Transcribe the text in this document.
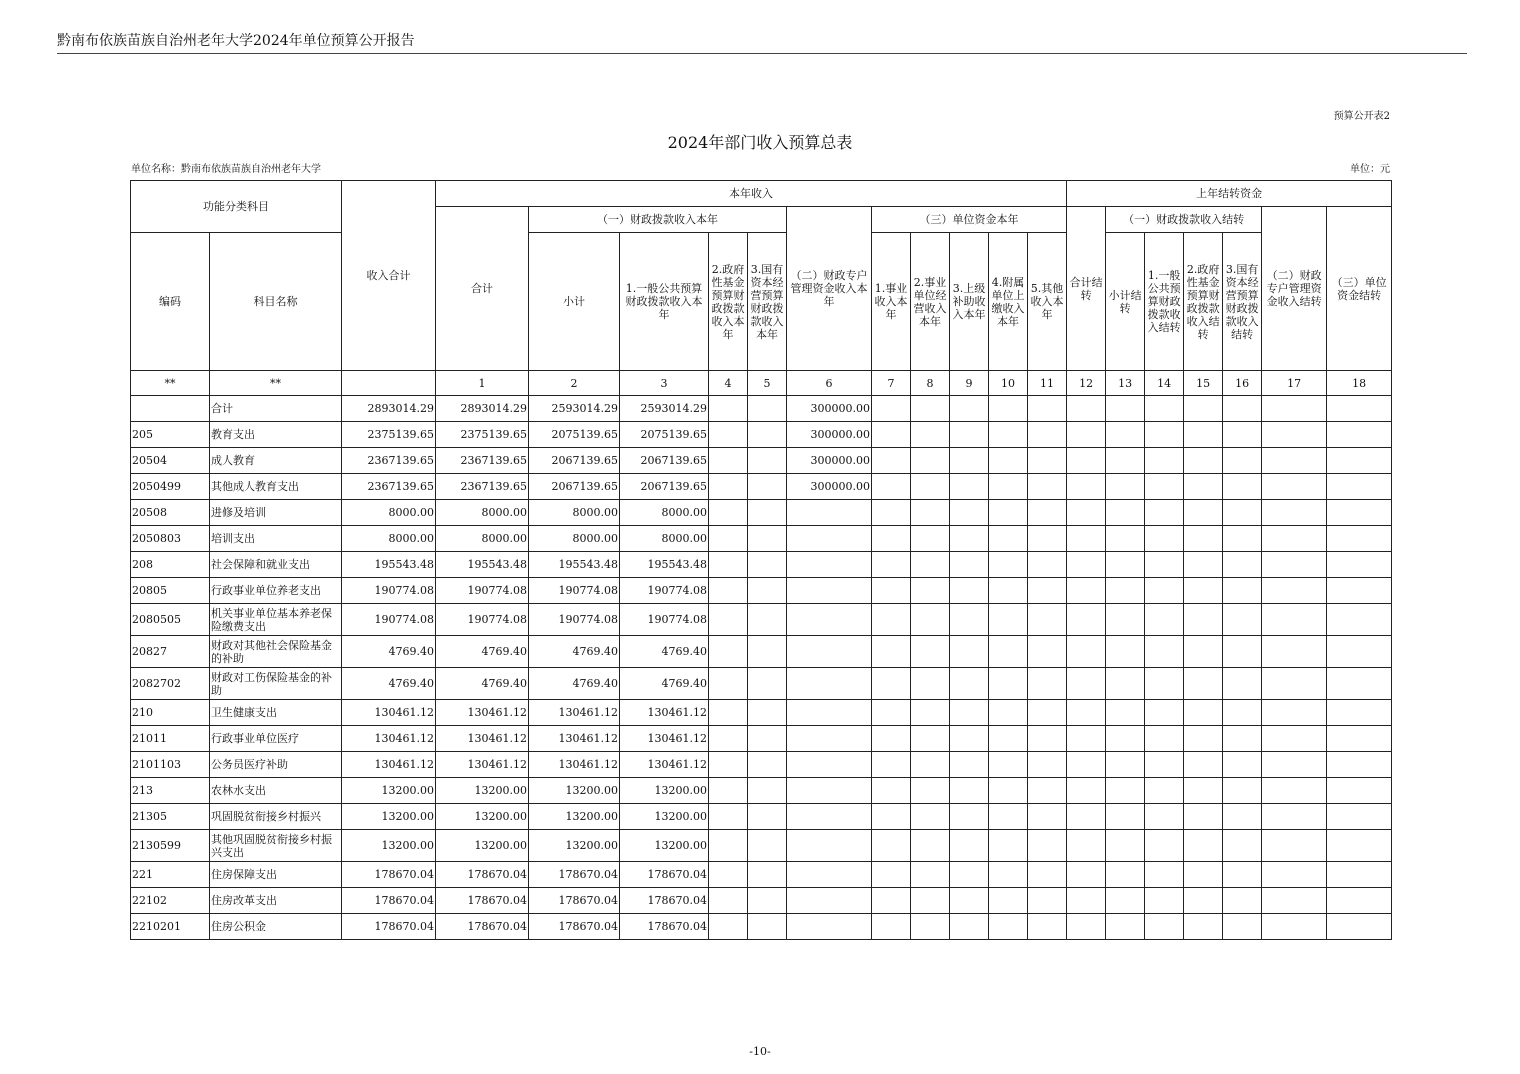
黔南布依族苗族自治州老年大学2024年单位预算公开报告
预算公开表2
2024年部门收入预算总表
单位名称：黔南布依族苗族自治州老年大学	单位：元
功能分类科目		收入合计	本年收入											上年结转资金						
			合计	（一）财政拨款收入本年				（二）财政专户管理资金收入本年	（三）单位资金本年					合计结转	（一）财政拨款收入结转				（二）财政专户管理资金收入结转	（三）单位资金结转
编码	科目名称			小计	1.一般公共预算财政拨款收入本年	2.政府性基金预算财政拨款收入本年	3.国有资本经营预算财政拨款收入本年		1.事业收入本年	2.事业单位经营收入本年	3.上级补助收入本年	4.附属单位上缴收入本年	5.其他收入本年		小计结转	1.一般公共预算财政拨款收入结转	2.政府性基金预算财政拨款收入结转	3.国有资本经营预算财政拨款收入结转		
**	**		1	2	3	4	5	6	7	8	9	10	11	12	13	14	15	16	17	18
	合计	2893014.29	2893014.29	2593014.29	2593014.29			300000.00												
205	教育支出	2375139.65	2375139.65	2075139.65	2075139.65			300000.00												
20504	成人教育	2367139.65	2367139.65	2067139.65	2067139.65			300000.00												
2050499	其他成人教育支出	2367139.65	2367139.65	2067139.65	2067139.65			300000.00												
20508	进修及培训	8000.00	8000.00	8000.00	8000.00															
2050803	培训支出	8000.00	8000.00	8000.00	8000.00															
208	社会保障和就业支出	195543.48	195543.48	195543.48	195543.48															
20805	行政事业单位养老支出	190774.08	190774.08	190774.08	190774.08															
2080505	机关事业单位基本养老保险缴费支出	190774.08	190774.08	190774.08	190774.08															
20827	财政对其他社会保险基金的补助	4769.40	4769.40	4769.40	4769.40															
2082702	财政对工伤保险基金的补助	4769.40	4769.40	4769.40	4769.40															
210	卫生健康支出	130461.12	130461.12	130461.12	130461.12															
21011	行政事业单位医疗	130461.12	130461.12	130461.12	130461.12															
2101103	公务员医疗补助	130461.12	130461.12	130461.12	130461.12															
213	农林水支出	13200.00	13200.00	13200.00	13200.00															
21305	巩固脱贫衔接乡村振兴	13200.00	13200.00	13200.00	13200.00															
2130599	其他巩固脱贫衔接乡村振兴支出	13200.00	13200.00	13200.00	13200.00															
221	住房保障支出	178670.04	178670.04	178670.04	178670.04															
22102	住房改革支出	178670.04	178670.04	178670.04	178670.04															
2210201	住房公积金	178670.04	178670.04	178670.04	178670.04															
-10-
